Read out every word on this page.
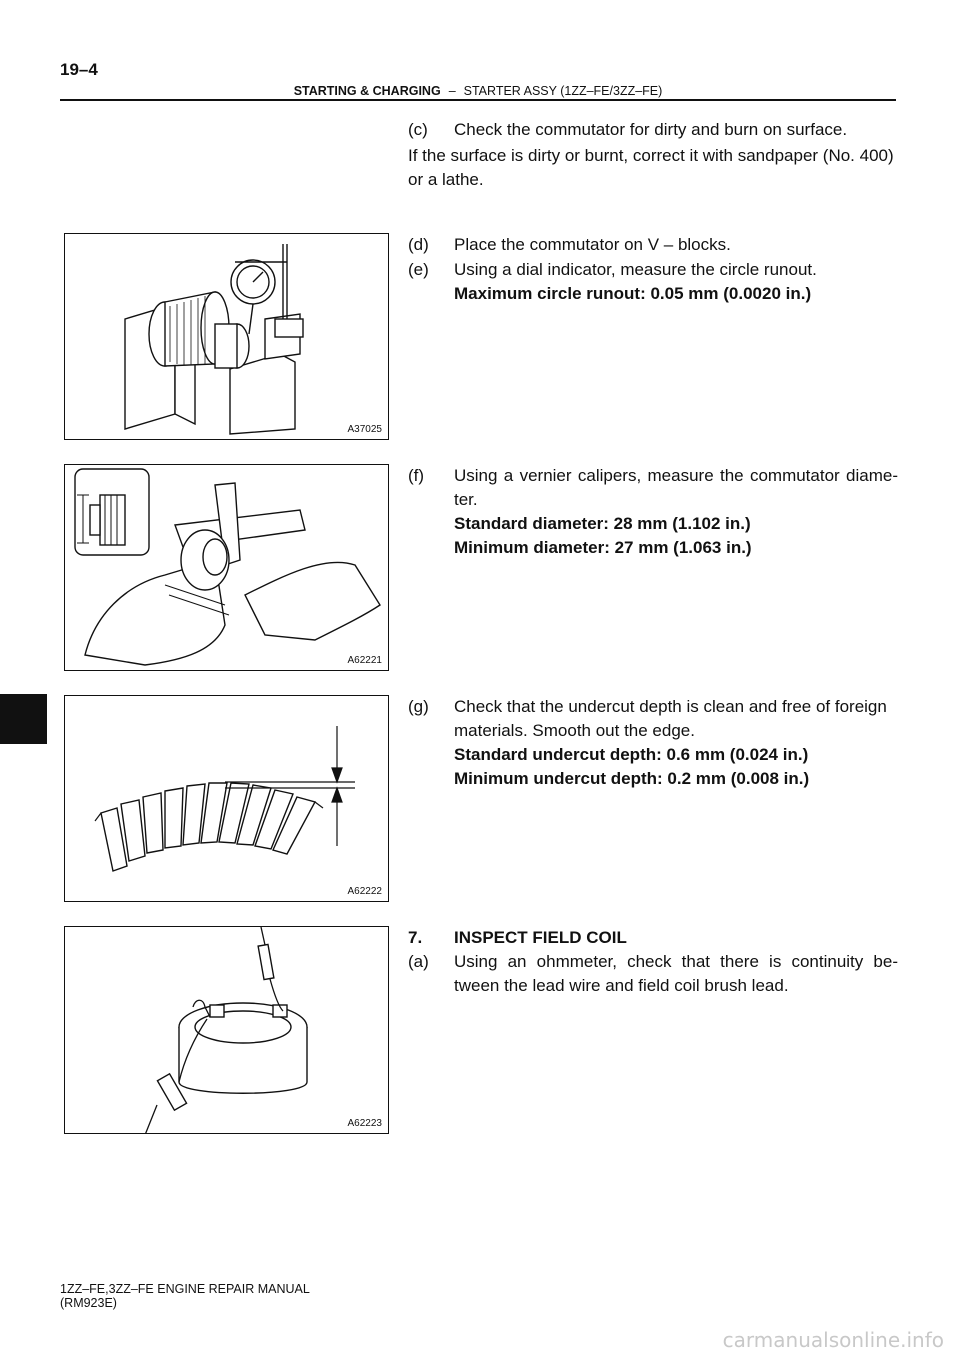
19–4
STARTING & CHARGING – STARTER ASSY (1ZZ–FE/3ZZ–FE)
(c)	Check the commutator for dirty and burn on surface.
If the surface is dirty or burnt, correct it with sandpaper (No. 400) or a lathe.
A37025
(d)	Place the commutator on V – blocks.
(e)	Using a dial indicator, measure the circle runout.
Maximum circle runout: 0.05 mm (0.0020 in.)
A62221
(f)	Using a vernier calipers, measure the commutator diame-ter.
Standard diameter: 28 mm (1.102 in.)
Minimum diameter: 27 mm (1.063 in.)
A62222
(g)	Check that the undercut depth is clean and free of foreign materials. Smooth out the edge.
Standard undercut depth: 0.6 mm (0.024 in.)
Minimum undercut depth: 0.2 mm (0.008 in.)
A62223
7.	INSPECT FIELD COIL
(a)	Using an ohmmeter, check that there is continuity be-tween the lead wire and field coil brush lead.
1ZZ–FE,3ZZ–FE ENGINE REPAIR MANUAL
(RM923E)
carmanualsonline.info
